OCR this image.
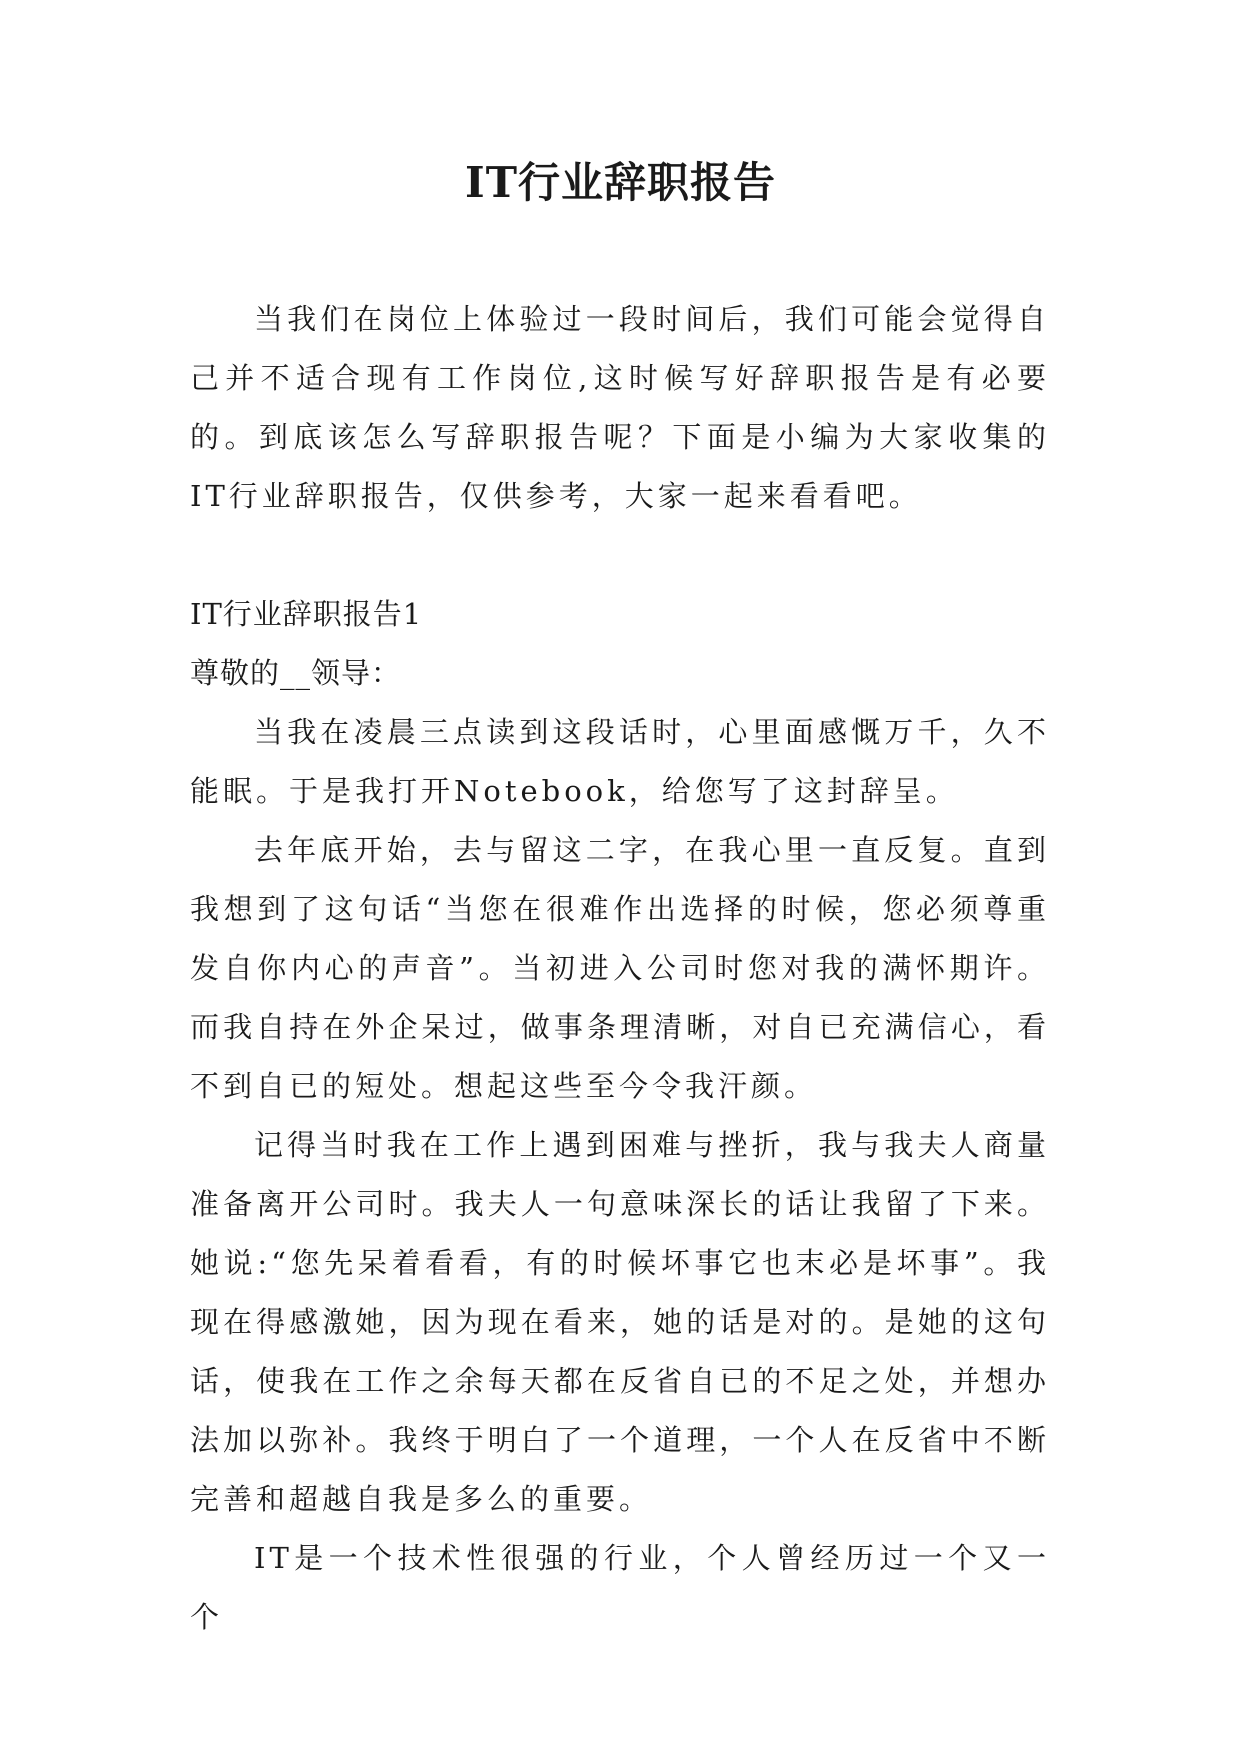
IT行业辞职报告

当我们在岗位上体验过一段时间后，我们可能会觉得自己并不适合现有工作岗位,这时候写好辞职报告是有必要的。到底该怎么写辞职报告呢？下面是小编为大家收集的IT行业辞职报告，仅供参考，大家一起来看看吧。

IT行业辞职报告1

尊敬的__领导：

当我在凌晨三点读到这段话时，心里面感慨万千，久不能眠。于是我打开Notebook，给您写了这封辞呈。

去年底开始，去与留这二字，在我心里一直反复。直到我想到了这句话“当您在很难作出选择的时候，您必须尊重发自你内心的声音”。当初进入公司时您对我的满怀期许。而我自持在外企呆过，做事条理清晰，对自已充满信心，看不到自已的短处。想起这些至今令我汗颜。

记得当时我在工作上遇到困难与挫折，我与我夫人商量准备离开公司时。我夫人一句意味深长的话让我留了下来。她说:“您先呆着看看，有的时候坏事它也末必是坏事”。我现在得感激她，因为现在看来，她的话是对的。是她的这句话，使我在工作之余每天都在反省自已的不足之处，并想办法加以弥补。我终于明白了一个道理，一个人在反省中不断完善和超越自我是多么的重要。

IT是一个技术性很强的行业，个人曾经历过一个又一个
